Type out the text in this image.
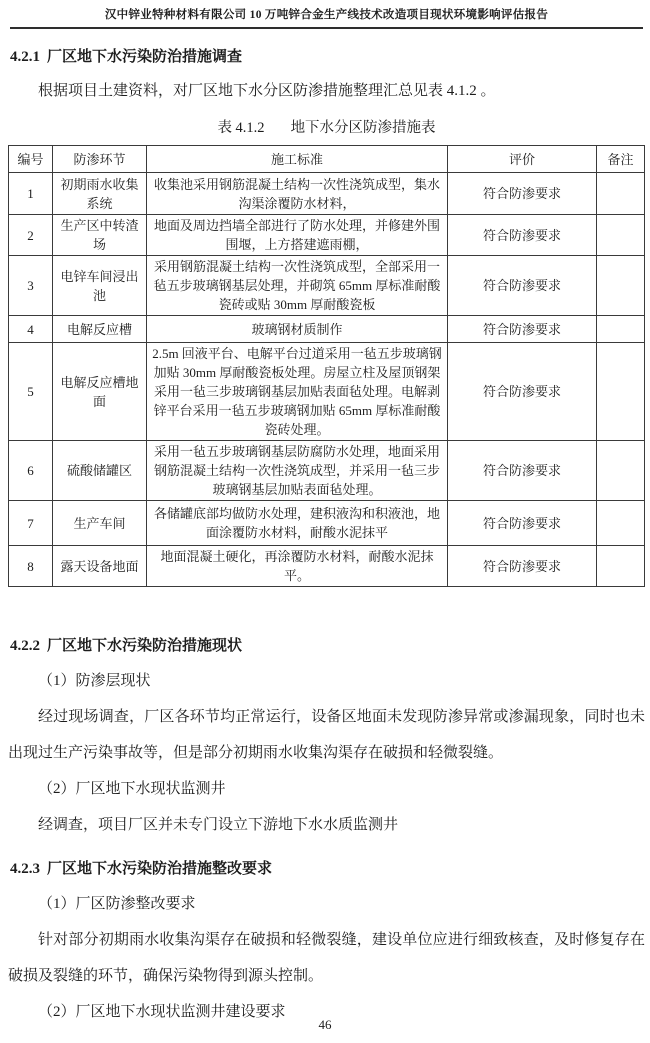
汉中锌业特种材料有限公司 10 万吨锌合金生产线技术改造项目现状环境影响评估报告
4.2.1 厂区地下水污染防治措施调查

根据项目土建资料，对厂区地下水分区防渗措施整理汇总见表 4.1.2 。

表 4.1.2 地下水分区防渗措施表
编号	防渗环节	施工标准	评价	备注
1	初期雨水收集系统	收集池采用钢筋混凝土结构一次性浇筑成型，集水沟渠涂覆防水材料，	符合防渗要求	
2	生产区中转渣场	地面及周边挡墙全部进行了防水处理，并修建外围围堰，上方搭建遮雨棚，	符合防渗要求	
3	电锌车间浸出池	采用钢筋混凝土结构一次性浇筑成型，全部采用一毡五步玻璃钢基层处理，并砌筑 65mm 厚标准耐酸瓷砖或贴 30mm 厚耐酸瓷板	符合防渗要求	
4	电解反应槽	玻璃钢材质制作	符合防渗要求	
5	电解反应槽地面	2.5m 回液平台、电解平台过道采用一毡五步玻璃钢加贴 30mm 厚耐酸瓷板处理。房屋立柱及屋顶钢架采用一毡三步玻璃钢基层加贴表面毡处理。电解剥锌平台采用一毡五步玻璃钢加贴 65mm 厚标准耐酸瓷砖处理。	符合防渗要求	
6	硫酸储罐区	采用一毡五步玻璃钢基层防腐防水处理，地面采用钢筋混凝土结构一次性浇筑成型，并采用一毡三步玻璃钢基层加贴表面毡处理。	符合防渗要求	
7	生产车间	各储罐底部均做防水处理，建积液沟和积液池，地面涂覆防水材料，耐酸水泥抹平	符合防渗要求	
8	露天设备地面	地面混凝土硬化，再涂覆防水材料，耐酸水泥抹平。	符合防渗要求	
4.2.2 厂区地下水污染防治措施现状

（1）防渗层现状

经过现场调查，厂区各环节均正常运行，设备区地面未发现防渗异常或渗漏现象，同时也未出现过生产污染事故等，但是部分初期雨水收集沟渠存在破损和轻微裂缝。

（2）厂区地下水现状监测井

经调查，项目厂区并未专门设立下游地下水水质监测井

4.2.3 厂区地下水污染防治措施整改要求

（1）厂区防渗整改要求

针对部分初期雨水收集沟渠存在破损和轻微裂缝，建设单位应进行细致核查，及时修复存在破损及裂缝的环节，确保污染物得到源头控制。

（2）厂区地下水现状监测井建设要求

46
